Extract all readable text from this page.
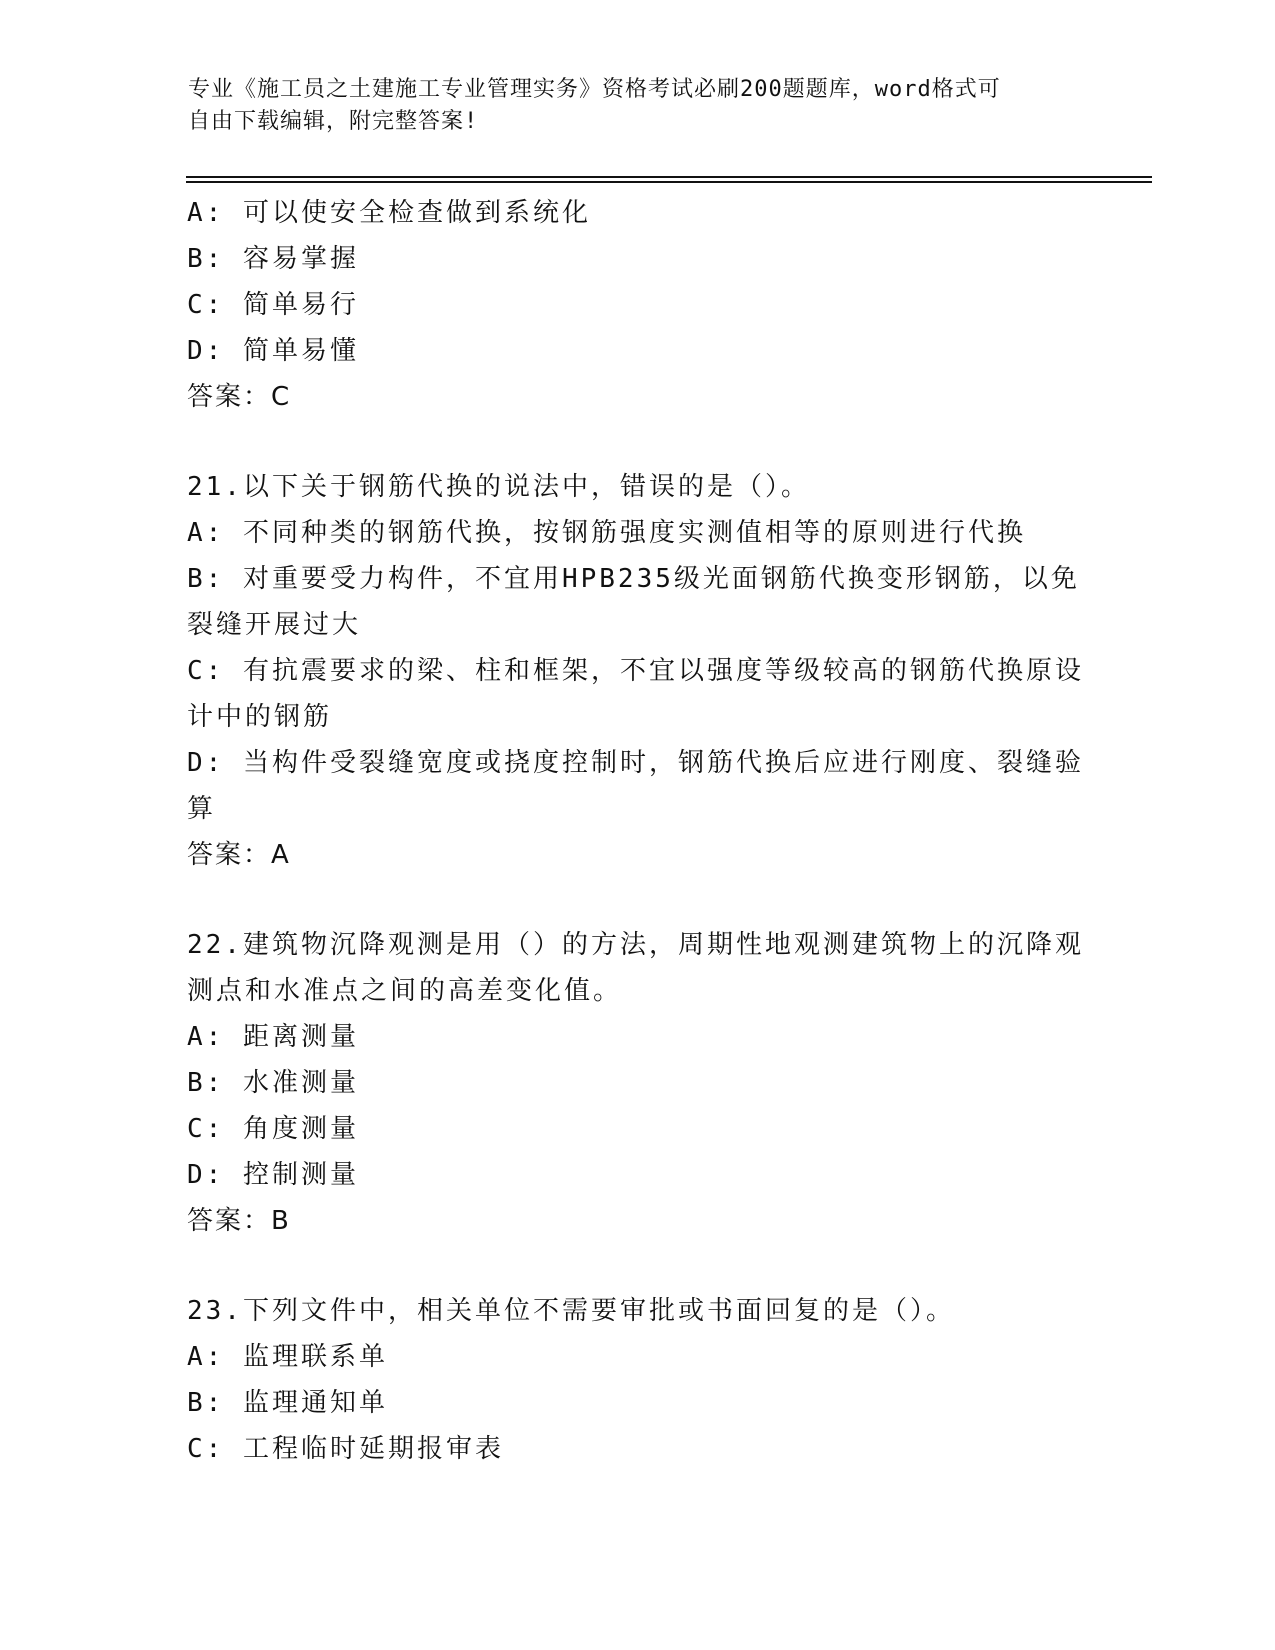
专业《施工员之土建施工专业管理实务》资格考试必刷200题题库，word格式可
自由下载编辑，附完整答案!
A: 可以使安全检查做到系统化
B: 容易掌握
C: 简单易行
D: 简单易懂
答案：C
21.以下关于钢筋代换的说法中，错误的是（）。
A: 不同种类的钢筋代换，按钢筋强度实测值相等的原则进行代换
B: 对重要受力构件，不宜用HPB235级光面钢筋代换变形钢筋，以免裂缝开展过大
C: 有抗震要求的梁、柱和框架，不宜以强度等级较高的钢筋代换原设计中的钢筋
D: 当构件受裂缝宽度或挠度控制时，钢筋代换后应进行刚度、裂缝验算
答案：A
22.建筑物沉降观测是用（）的方法，周期性地观测建筑物上的沉降观测点和水准点之间的高差变化值。
A: 距离测量
B: 水准测量
C: 角度测量
D: 控制测量
答案：B
23.下列文件中，相关单位不需要审批或书面回复的是（）。
A: 监理联系单
B: 监理通知单
C: 工程临时延期报审表
